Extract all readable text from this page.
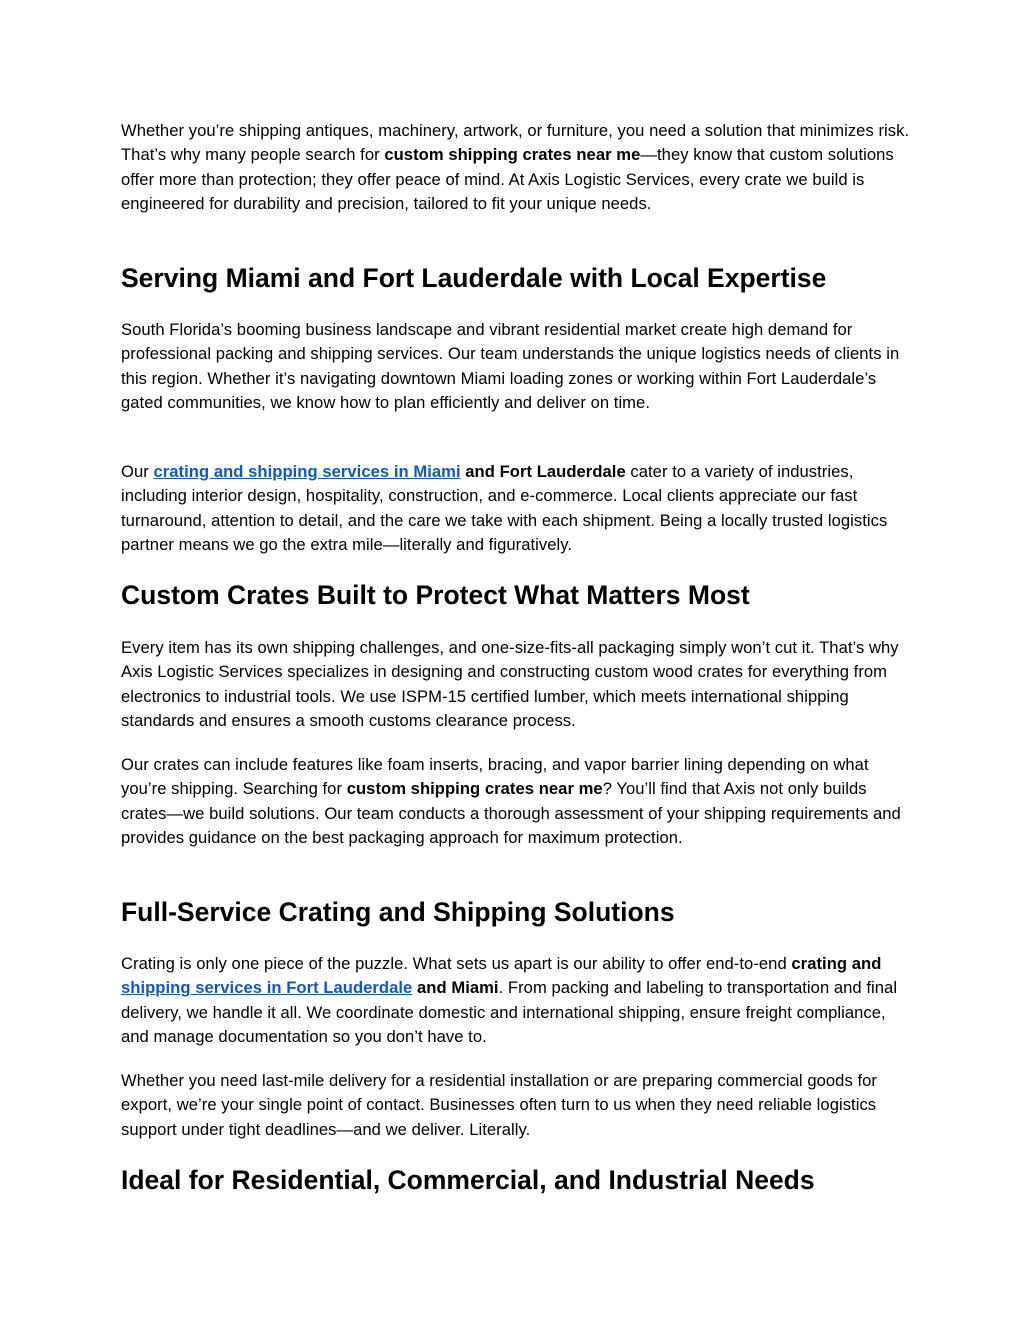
Whether you’re shipping antiques, machinery, artwork, or furniture, you need a solution that minimizes risk. That’s why many people search for custom shipping crates near me—they know that custom solutions offer more than protection; they offer peace of mind. At Axis Logistic Services, every crate we build is engineered for durability and precision, tailored to fit your unique needs.

Serving Miami and Fort Lauderdale with Local Expertise

South Florida’s booming business landscape and vibrant residential market create high demand for professional packing and shipping services. Our team understands the unique logistics needs of clients in this region. Whether it’s navigating downtown Miami loading zones or working within Fort Lauderdale’s gated communities, we know how to plan efficiently and deliver on time.

Our crating and shipping services in Miami and Fort Lauderdale cater to a variety of industries, including interior design, hospitality, construction, and e-commerce. Local clients appreciate our fast turnaround, attention to detail, and the care we take with each shipment. Being a locally trusted logistics partner means we go the extra mile—literally and figuratively.

Custom Crates Built to Protect What Matters Most

Every item has its own shipping challenges, and one-size-fits-all packaging simply won’t cut it. That’s why Axis Logistic Services specializes in designing and constructing custom wood crates for everything from electronics to industrial tools. We use ISPM-15 certified lumber, which meets international shipping standards and ensures a smooth customs clearance process.

Our crates can include features like foam inserts, bracing, and vapor barrier lining depending on what you’re shipping. Searching for custom shipping crates near me? You’ll find that Axis not only builds crates—we build solutions. Our team conducts a thorough assessment of your shipping requirements and provides guidance on the best packaging approach for maximum protection.

Full-Service Crating and Shipping Solutions

Crating is only one piece of the puzzle. What sets us apart is our ability to offer end-to-end crating and shipping services in Fort Lauderdale and Miami. From packing and labeling to transportation and final delivery, we handle it all. We coordinate domestic and international shipping, ensure freight compliance, and manage documentation so you don’t have to.

Whether you need last-mile delivery for a residential installation or are preparing commercial goods for export, we’re your single point of contact. Businesses often turn to us when they need reliable logistics support under tight deadlines—and we deliver. Literally.

Ideal for Residential, Commercial, and Industrial Needs
